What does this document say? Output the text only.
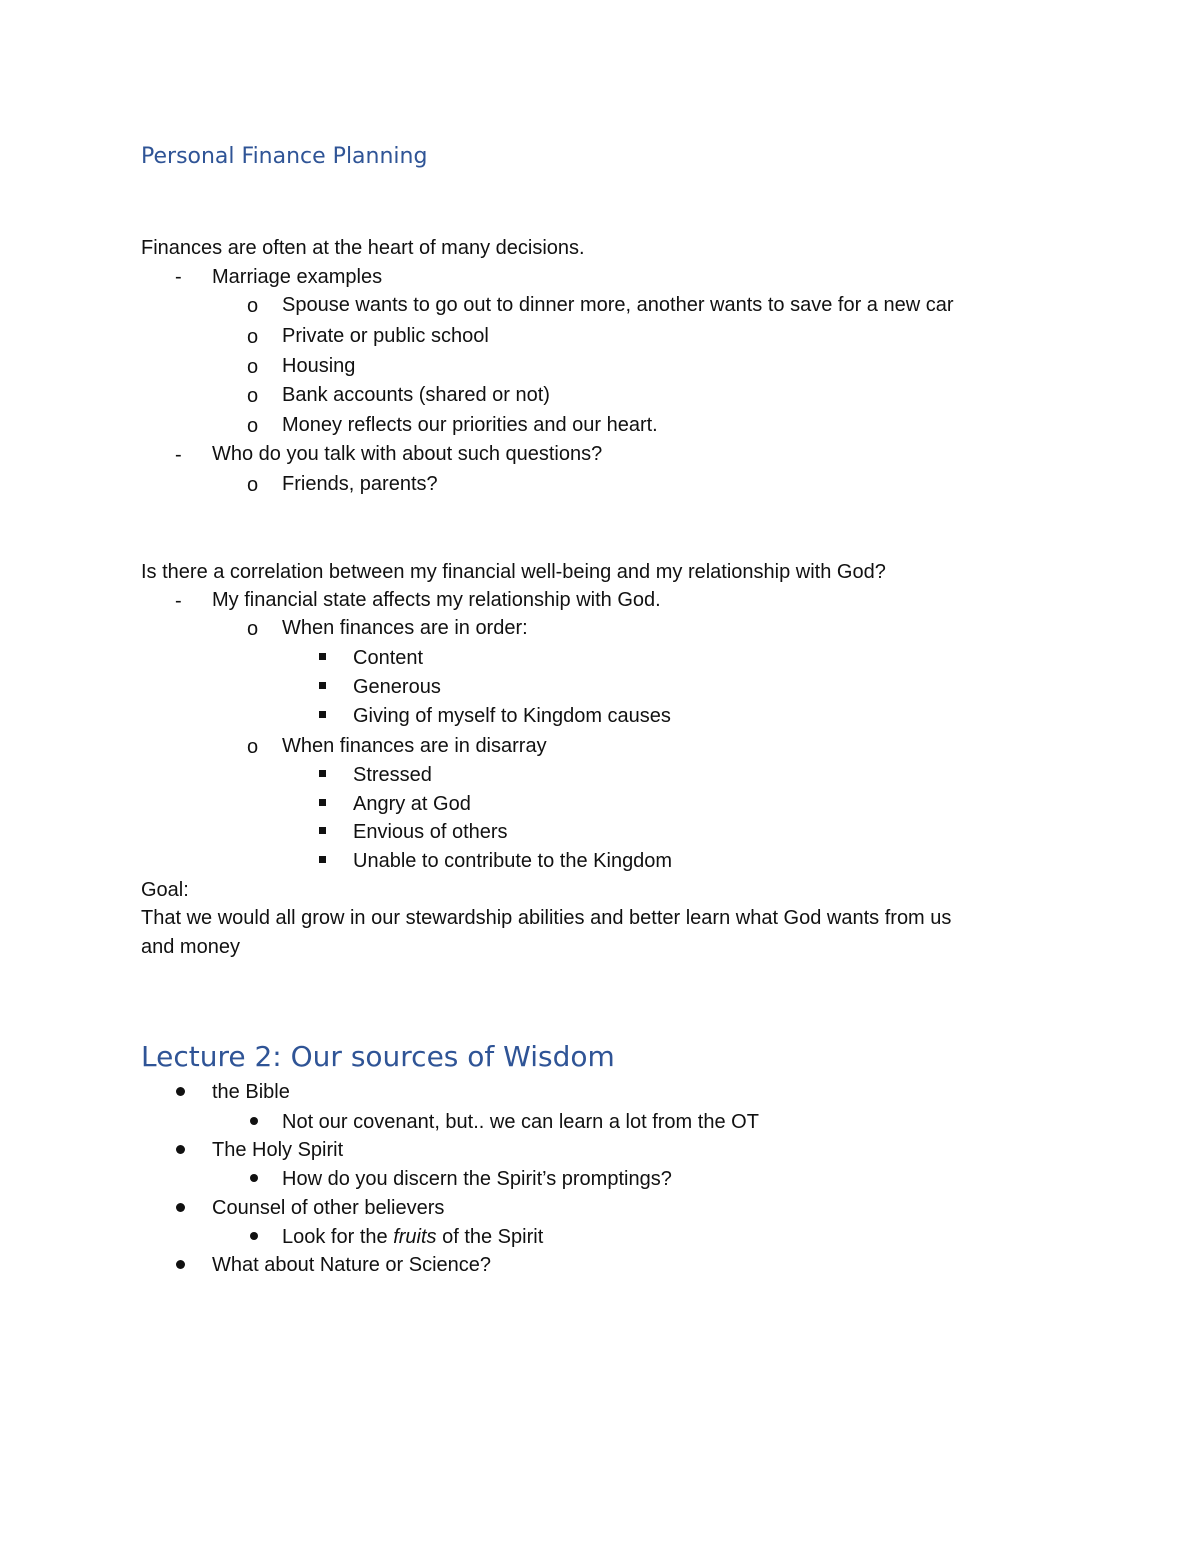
Personal Finance Planning
Finances are often at the heart of many decisions.
- Marriage examples
o Spouse wants to go out to dinner more, another wants to save for a new car
o Private or public school
o Housing
o Bank accounts (shared or not)
o Money reflects our priorities and our heart.
- Who do you talk with about such questions?
o Friends, parents?
Is there a correlation between my financial well-being and my relationship with God?
- My financial state affects my relationship with God.
o When finances are in order:
Content
Generous
Giving of myself to Kingdom causes
o When finances are in disarray
Stressed
Angry at God
Envious of others
Unable to contribute to the Kingdom
Goal:
That we would all grow in our stewardship abilities and better learn what God wants from us
and money
Lecture 2: Our sources of Wisdom
the Bible
Not our covenant, but.. we can learn a lot from the OT
The Holy Spirit
How do you discern the Spirit’s promptings?
Counsel of other believers
Look for the fruits of the Spirit
What about Nature or Science?
